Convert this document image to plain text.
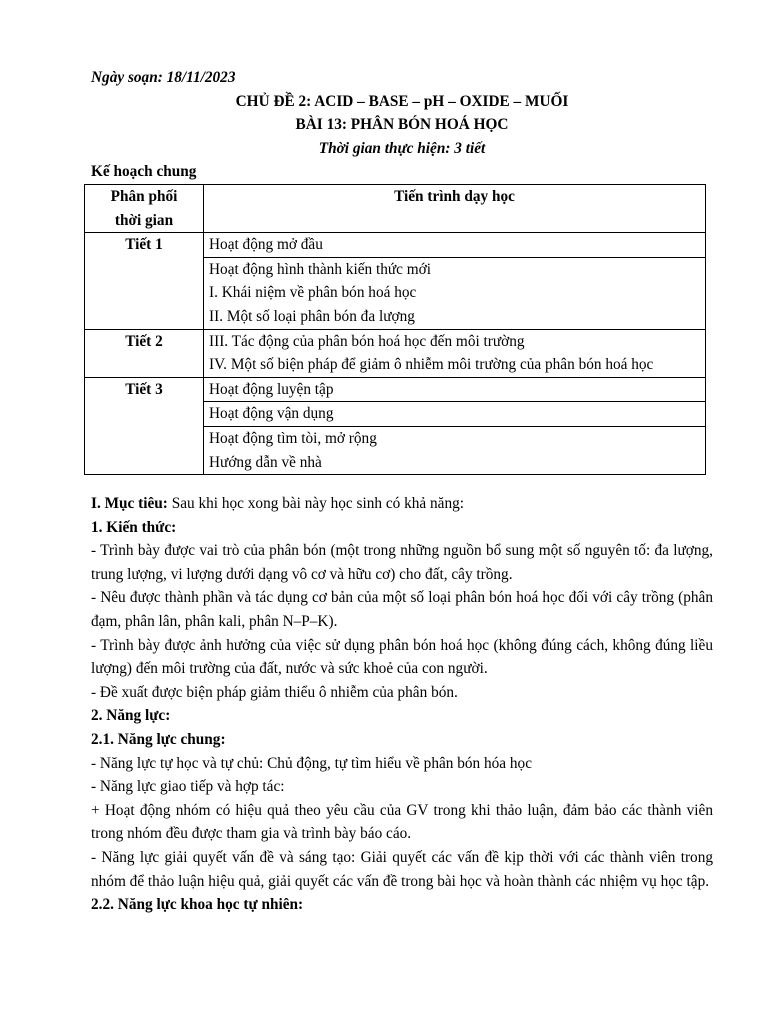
Ngày soạn: 18/11/2023

CHỦ ĐỀ 2: ACID – BASE – pH – OXIDE – MUỐI

BÀI 13: PHÂN BÓN HOÁ HỌC

Thời gian thực hiện: 3 tiết

Kế hoạch chung

Phân phối
thời gian	Tiến trình dạy học
Tiết 1	Hoạt động mở đầu

	Hoạt động hình thành kiến thức mới
I. Khái niệm về phân bón hoá học
II. Một số loại phân bón đa lượng

Tiết 2	III. Tác động của phân bón hoá học đến môi trường
IV. Một số biện pháp để giảm ô nhiễm môi trường của phân bón hoá học

Tiết 3	Hoạt động luyện tập

	Hoạt động vận dụng

	Hoạt động tìm tòi, mở rộng
Hướng dẫn về nhà

I. Mục tiêu: Sau khi học xong bài này học sinh có khả năng:

1. Kiến thức:

- Trình bày được vai trò của phân bón (một trong những nguồn bổ sung một số nguyên tố: đa lượng, trung lượng, vi lượng dưới dạng vô cơ và hữu cơ) cho đất, cây trồng.

- Nêu được thành phần và tác dụng cơ bản của một số loại phân bón hoá học đối với cây trồng (phân đạm, phân lân, phân kali, phân N–P–K).

- Trình bày được ảnh hưởng của việc sử dụng phân bón hoá học (không đúng cách, không đúng liều lượng) đến môi trường của đất, nước và sức khoẻ của con người.

- Đề xuất được biện pháp giảm thiểu ô nhiễm của phân bón.

2. Năng lực:

2.1. Năng lực chung:

- Năng lực tự học và tự chủ: Chủ động, tự tìm hiểu về phân bón hóa học

- Năng lực giao tiếp và hợp tác:

+ Hoạt động nhóm có hiệu quả theo yêu cầu của GV trong khi thảo luận, đảm bảo các thành viên trong nhóm đều được tham gia và trình bày báo cáo.

- Năng lực giải quyết vấn đề và sáng tạo: Giải quyết các vấn đề kịp thời với các thành viên trong nhóm để thảo luận hiệu quả, giải quyết các vấn đề trong bài học và hoàn thành các nhiệm vụ học tập.

2.2. Năng lực khoa học tự nhiên:
